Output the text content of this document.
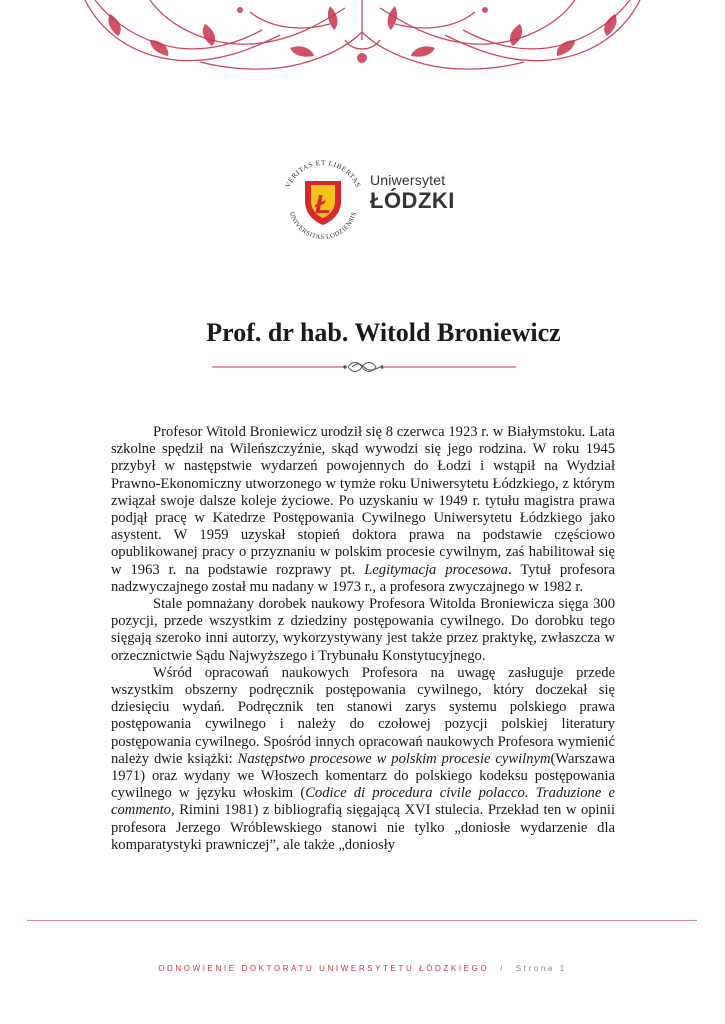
VERITAS ET LIBERTAS
UNIVERSITAS LODZIENSIS
Ł
Uniwersytet
ŁÓDZKI
Prof. dr hab. Witold Broniewicz

Profesor Witold Broniewicz urodził się 8 czerwca 1923 r. w Białymstoku. Lata szkolne spędził na Wileńszczyźnie, skąd wywodzi się jego rodzina. W roku 1945 przybył w następstwie wydarzeń powojennych do Łodzi i wstąpił na Wydział Prawno-Ekonomiczny utworzonego w tymże roku Uniwersytetu Łódzkiego, z którym związał swoje dalsze koleje życiowe. Po uzyskaniu w 1949 r. tytułu magistra prawa podjął pracę w Katedrze Postępowania Cywilnego Uniwersytetu Łódzkiego jako asystent. W 1959 uzyskał stopień doktora prawa na podstawie częściowo opublikowanej pracy o przyznaniu w polskim procesie cywilnym, zaś habilitował się w 1963 r. na podstawie rozprawy pt. Legitymacja procesowa. Tytuł profesora nadzwyczajnego został mu nadany w 1973 r., a profesora zwyczajnego w 1982 r.

Stale pomnażany dorobek naukowy Profesora Witolda Broniewicza sięga 300 pozycji, przede wszystkim z dziedziny postępowania cywilnego. Do dorobku tego sięgają szeroko inni autorzy, wykorzystywany jest także przez praktykę, zwłaszcza w orzecznictwie Sądu Najwyższego i Trybunału Konstytucyjnego.

Wśród opracowań naukowych Profesora na uwagę zasługuje przede wszystkim obszerny podręcznik postępowania cywilnego, który doczekał się dziesięciu wydań. Podręcznik ten stanowi zarys systemu polskiego prawa postępowania cywilnego i należy do czołowej pozycji polskiej literatury postępowania cywilnego. Spośród innych opracowań naukowych Profesora wymienić należy dwie książki: Następstwo procesowe w polskim procesie cywilnym(Warszawa 1971) oraz wydany we Włoszech komentarz do polskiego kodeksu postępowania cywilnego w języku włoskim (Codice di procedura civile polacco. Traduzione e commento, Rimini 1981) z bibliografią sięgającą XVI stulecia. Przekład ten w opinii profesora Jerzego Wróblewskiego stanowi nie tylko „doniosłe wydarzenie dla komparatystyki prawniczej”, ale także „doniosły

ODNOWIENIE DOKTORATU UNIWERSYTETU ŁÓDZKIEGO / Strona 1
